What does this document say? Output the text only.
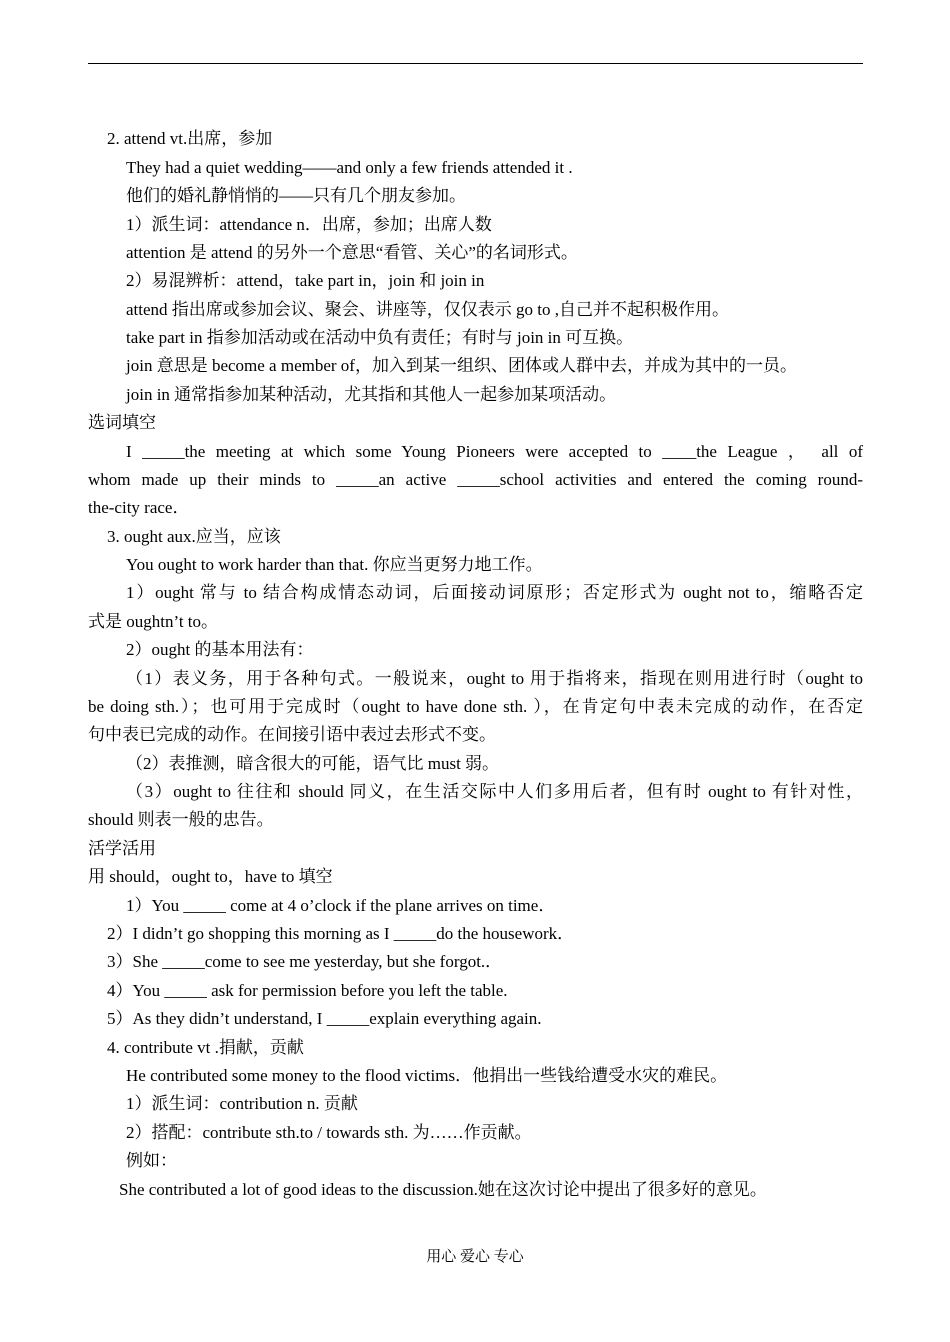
2. attend vt.出席，参加
They had a quiet wedding——and only a few friends attended it .
他们的婚礼静悄悄的——只有几个朋友参加。
1）派生词：attendance n．出席，参加；出席人数
attention 是 attend 的另外一个意思“看管、关心”的名词形式。
2）易混辨析：attend，take part in，join 和 join in
attend 指出席或参加会议、聚会、讲座等，仅仅表示 go to ,自己并不起积极作用。
take part in 指参加活动或在活动中负有责任；有时与 join in 可互换。
join 意思是 become a member of，加入到某一组织、团体或人群中去，并成为其中的一员。
join in 通常指参加某种活动，尤其指和其他人一起参加某项活动。
选词填空
I _____the meeting at which some Young Pioneers were accepted to ____the League ， all of
whom made up their minds to _____an active _____school activities and entered the coming round-
the-city race．
3. ought aux.应当，应该
You ought to work harder than that. 你应当更努力地工作。
1）ought 常与 to 结合构成情态动词，后面接动词原形；否定形式为 ought not to，缩略否定
式是 oughtn’t to。
2）ought 的基本用法有：
（1）表义务，用于各种句式。一般说来，ought to 用于指将来，指现在则用进行时（ought to
be doing sth.）；也可用于完成时（ought to have done sth. ），在肯定句中表未完成的动作，在否定
句中表已完成的动作。在间接引语中表过去形式不变。
（2）表推测，暗含很大的可能，语气比 must 弱。
（3）ought to 往往和 should 同义，在生活交际中人们多用后者，但有时 ought to 有针对性，
should 则表一般的忠告。
活学活用
用 should，ought to，have to 填空
1）You _____ come at 4 o’clock if the plane arrives on time．
2）I didn’t go shopping this morning as I _____do the housework．
3）She _____come to see me yesterday, but she forgot.．
4）You _____ ask for permission before you left the table.
5）As they didn’t understand, I _____explain everything again.
4. contribute vt .捐献，贡献
He contributed some money to the flood victims．他捐出一些钱给遭受水灾的难民。
1）派生词：contribution n. 贡献
2）搭配：contribute sth.to / towards sth. 为……作贡献。
例如：
She contributed a lot of good ideas to the discussion.她在这次讨论中提出了很多好的意见。
用心 爱心 专心
